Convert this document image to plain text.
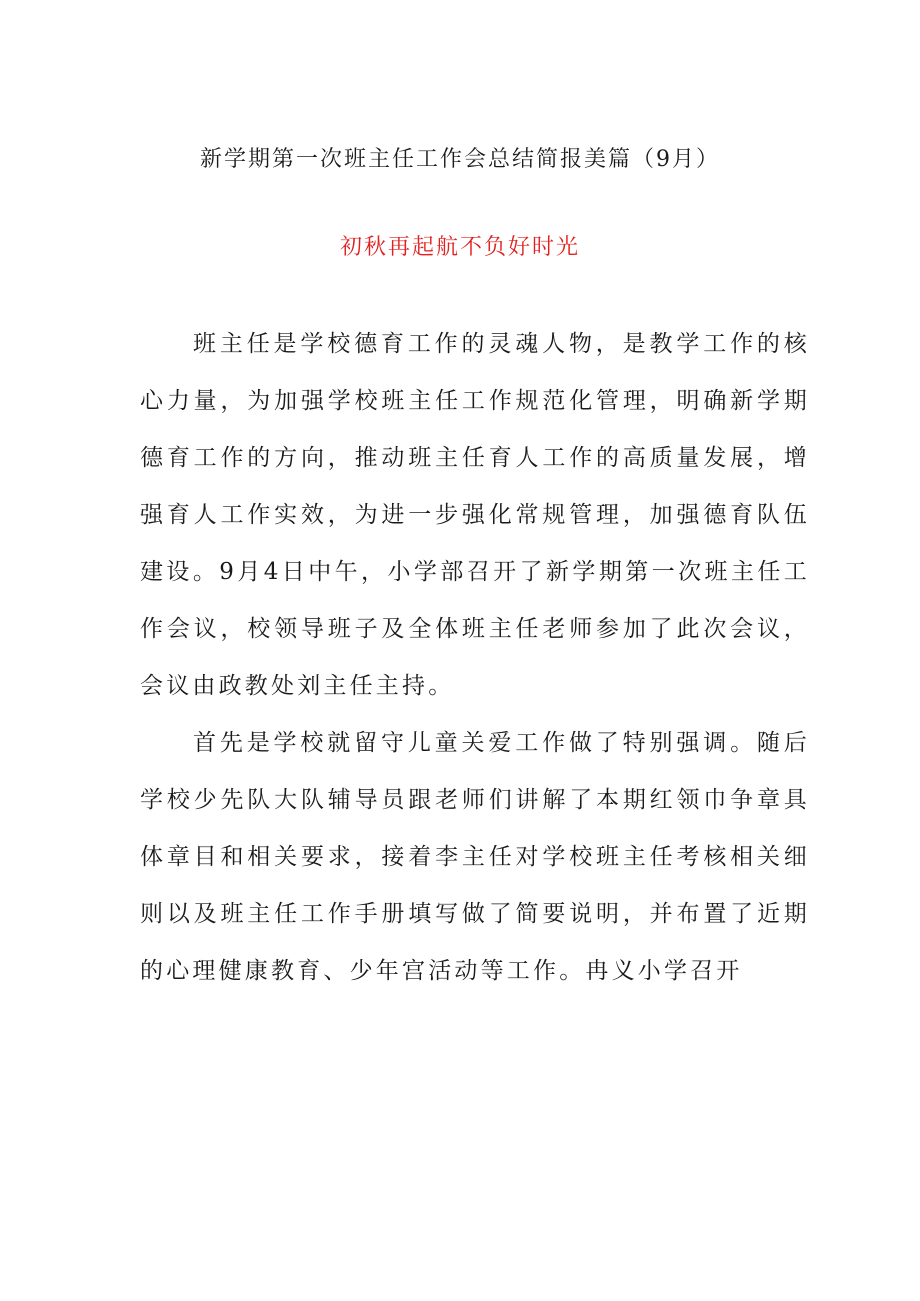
新学期第一次班主任工作会总结简报美篇（9月）
初秋再起航不负好时光

班主任是学校德育工作的灵魂人物，是教学工作的核心力量，为加强学校班主任工作规范化管理，明确新学期德育工作的方向，推动班主任育人工作的高质量发展，增强育人工作实效，为进一步强化常规管理，加强德育队伍建设。9月4日中午，小学部召开了新学期第一次班主任工作会议，校领导班子及全体班主任老师参加了此次会议，会议由政教处刘主任主持。

首先是学校就留守儿童关爱工作做了特别强调。随后学校少先队大队辅导员跟老师们讲解了本期红领巾争章具体章目和相关要求，接着李主任对学校班主任考核相关细则以及班主任工作手册填写做了简要说明，并布置了近期的心理健康教育、少年宫活动等工作。冉义小学召开
